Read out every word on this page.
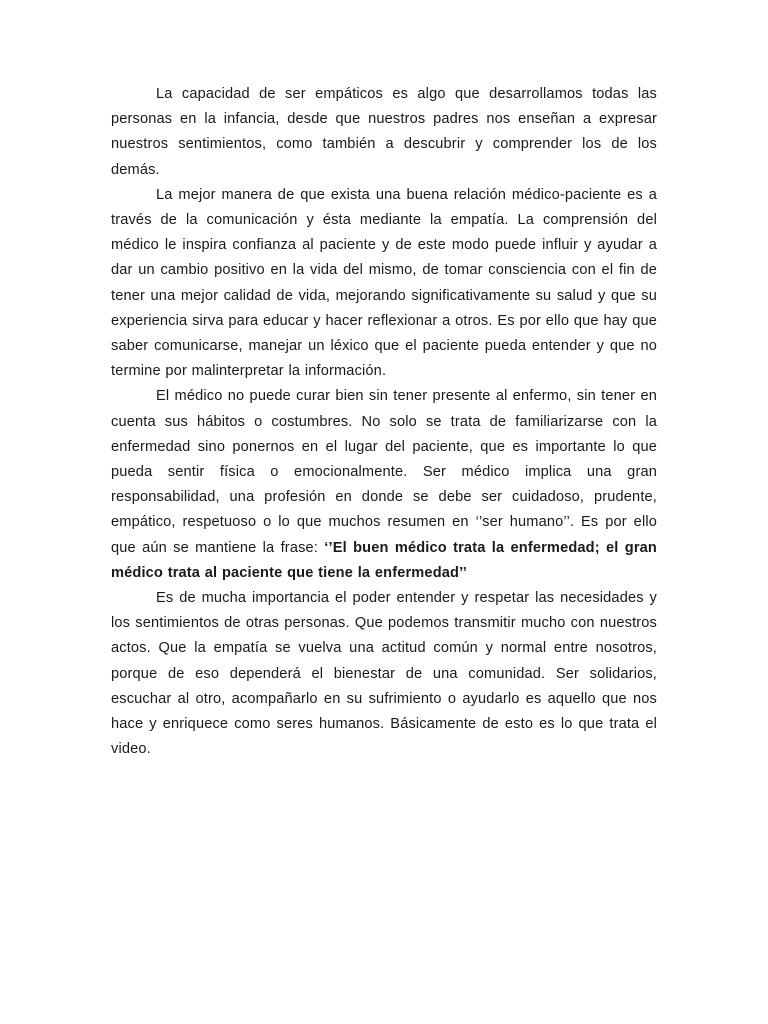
La capacidad de ser empáticos es algo que desarrollamos todas las personas en la infancia, desde que nuestros padres nos enseñan a expresar nuestros sentimientos, como también a descubrir y comprender los de los demás.

La mejor manera de que exista una buena relación médico-paciente es a través de la comunicación y ésta mediante la empatía. La comprensión del médico le inspira confianza al paciente y de este modo puede influir y ayudar a dar un cambio positivo en la vida del mismo, de tomar consciencia con el fin de tener una mejor calidad de vida, mejorando significativamente su salud y que su experiencia sirva para educar y hacer reflexionar a otros. Es por ello que hay que saber comunicarse, manejar un léxico que el paciente pueda entender y que no termine por malinterpretar la información.

El médico no puede curar bien sin tener presente al enfermo, sin tener en cuenta sus hábitos o costumbres. No solo se trata de familiarizarse con la enfermedad sino ponernos en el lugar del paciente, que es importante lo que pueda sentir física o emocionalmente. Ser médico implica una gran responsabilidad, una profesión en donde se debe ser cuidadoso, prudente, empático, respetuoso o lo que muchos resumen en ‘’ser humano’’. Es por ello que aún se mantiene la frase: ‘’El buen médico trata la enfermedad; el gran médico trata al paciente que tiene la enfermedad’’

Es de mucha importancia el poder entender y respetar las necesidades y los sentimientos de otras personas. Que podemos transmitir mucho con nuestros actos. Que la empatía se vuelva una actitud común y normal entre nosotros, porque de eso dependerá el bienestar de una comunidad. Ser solidarios, escuchar al otro, acompañarlo en su sufrimiento o ayudarlo es aquello que nos hace y enriquece como seres humanos. Básicamente de esto es lo que trata el video.
